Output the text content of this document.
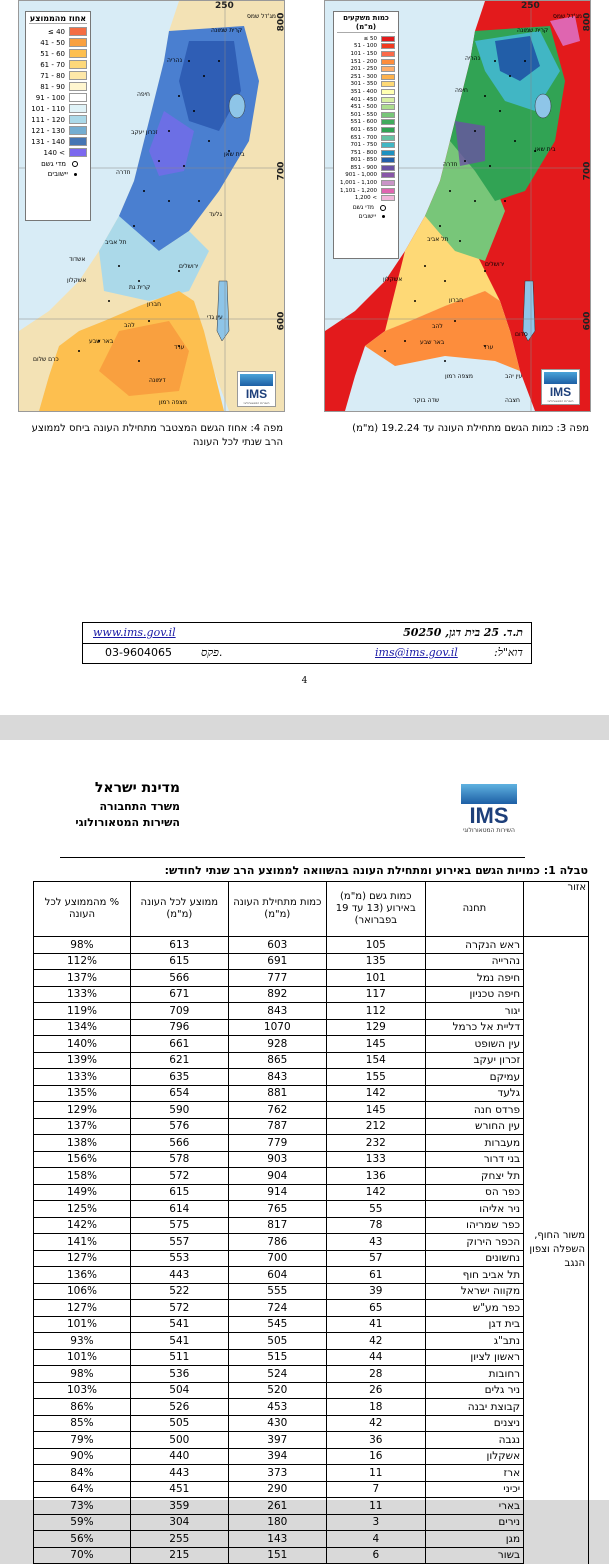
250
800
700
600
אחוז מהממוצע
≤ 40
41 - 50
51 - 60
61 - 70
71 - 80
81 - 90
91 - 100
101 - 110
111 - 120
121 - 130
131 - 140
140 <
מדי גשם
יישובים
מג'דל שמס
קרית שמונה
נהריה
חיפה
זכרון יעקב
בית שאן
גלעד
חדרה
תל אביב
אשדוד
ירושלים
אשקלון
קרית גת
חברון
עין גדי
להב
באר שבע
ערד
כרם שלום
דימונה
מצפה רמון
IMS
השירות המטאורולוגי
250
800
700
600
כמות משקעים
(מ"מ)
≤ 50
51 - 100
101 - 150
151 - 200
201 - 250
251 - 300
301 - 350
351 - 400
401 - 450
451 - 500
501 - 550
551 - 600
601 - 650
651 - 700
701 - 750
751 - 800
801 - 850
851 - 900
901 - 1,000
1,001 - 1,100
1,101 - 1,200
1,200 <
מדי גשם
יישובים
מג'דל שמס
קרית שמונה
נהריה
חיפה
בית שאן
חדרה
תל אביב
אשקלון
ירושלים
חברון
להב
באר שבע
ערד
סדום
מצפה רמון	עין יהב
שדה בוקר	חצבה
IMS
השירות המטאורולוגי
מפה 4: אחוז הגשם המצטבר מתחילת העונה ביחס לממוצע
הרב שנתי לכל העונה
מפה 3: כמות הגשם מתחילת העונה עד 19.2.24 (מ"מ)
ת.ד. 25 בית דגן, 50250
www.ims.gov.il
דוא"ל:
ims@ims.gov.il
פקס.
03-9604065
4
IMS
השירות המטאורולוגי
מדינת ישראל
משרד התחבורה
השירות המטאורולוגי
טבלה 1: כמויות הגשם באירוע ומתחילת העונה בהשוואה לממוצע הרב שנתי לחודש:
אזור	תחנה	כמות גשם (מ"מ) באירוע (13 עד 19 בפברואר)	כמות מתחילת העונה (מ"מ)	ממוצע לכל העונה (מ"מ)	% מהממוצע לכל העונה
	ראש הנקרה	105	603	613	98%
	נהרייה	135	691	615	112%
	חיפה נמל	101	777	566	137%
	חיפה טכניון	117	892	671	133%
	יגור	112	843	709	119%
	דליית אל כרמל	129	1070	796	134%
	עין השופט	145	928	661	140%
	זכרון יעקב	154	865	621	139%
	עמיקם	155	843	635	133%
	גלעד	142	881	654	135%
	פרדס חנה	145	762	590	129%
	עין החורש	212	787	576	137%
	מעברות	232	779	566	138%
	בני דרור	133	903	578	156%
	תל יצחק	136	904	572	158%
	כפר הס	142	914	615	149%

משור החוף,
השפלה וצפון
הנגב	ניר אליהו	55	765	614	125%
	כפר שמריהו	78	817	575	142%
	הכפר הירוק	43	786	557	141%
	נחשונים	57	700	553	127%
	תל אביב חוף	61	604	443	136%
	מקווה ישראל	39	555	522	106%
	כפר מע"ש	65	724	572	127%
	בית דגן	41	545	541	101%
	נתב"ג	42	505	541	93%
	ראשון לציון	44	515	511	101%
	רחובות	28	524	536	98%
	ניר גלים	26	520	504	103%
	קבוצת יבנה	18	453	526	86%
	ניצנים	42	430	505	85%
	נגבה	36	397	500	79%
	אשקלון	16	394	440	90%
	ארז	11	373	443	84%
	יכיני	7	290	451	64%
	בארי	11	261	359	73%
	נירים	3	180	304	59%
	מגן	4	143	255	56%
	בשור	6	151	215	70%
